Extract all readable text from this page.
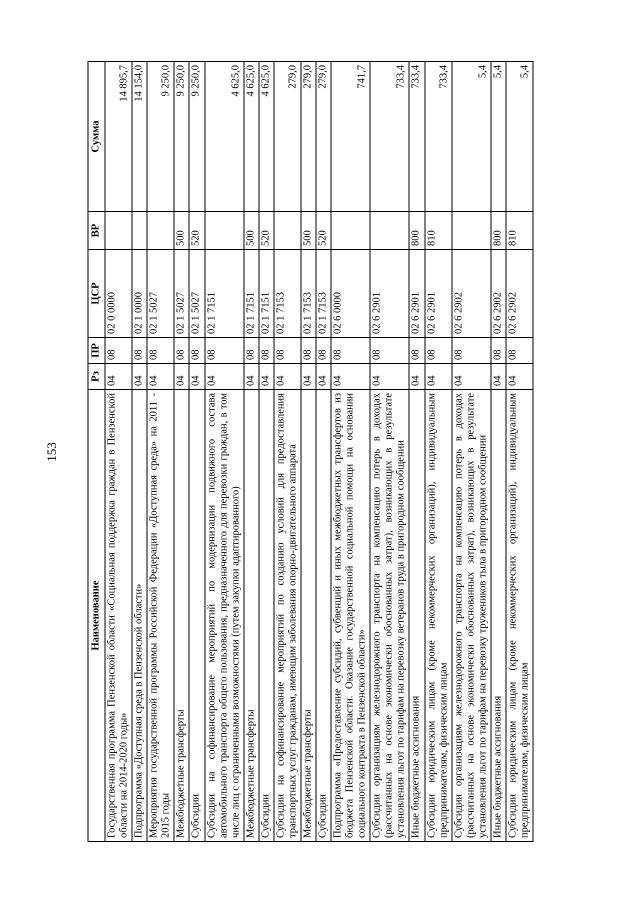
153
Наименование	Рз	ПР	ЦСР	ВР	Сумма
Государственная программа Пензенской области «Социальная поддержка граждан в Пензенской области на 2014-2020 годы»	04	08	02 0 0000		14 895,7
Подпрограмма «Доступная среда в Пензенской области»	04	08	02 1 0000		14 154,0
Мероприятия государственной программы Российской Федерации «Доступная среда» на 2011 - 2015 годы	04	08	02 1 5027		9 250,0
Межбюджетные трансферты	04	08	02 1 5027	500	9 250,0
Субсидии	04	08	02 1 5027	520	9 250,0
Субсидии на софинансирование мероприятий по модернизации подвижного состава автомобильного транспорта общего пользования, предназначенного для перевозки граждан, в том числе лиц с ограниченными возможностями (путем закупки адаптированного)	04	08	02 1 7151		4 625,0
Межбюджетные трансферты	04	08	02 1 7151	500	4 625,0
Субсидии	04	08	02 1 7151	520	4 625,0
Субсидии на софинансирование мероприятий по созданию условий для предоставления транспортных услуг гражданам, имеющим заболевания опорно-двигательного аппарата	04	08	02 1 7153		279,0
Межбюджетные трансферты	04	08	02 1 7153	500	279,0
Субсидии	04	08	02 1 7153	520	279,0
Подпрограмма «Предоставление субсидий, субвенций и иных межбюджетных трансфертов из бюджета Пензенской области. Оказание государственной социальной помощи на основании социального контракта в Пензенской области»	04	08	02 6 0000		741,7
Субсидии организациям железнодорожного транспорта на компенсацию потерь в доходах (рассчитанных на основе экономически обоснованных затрат), возникающих в результате установления льгот по тарифам на перевозку ветеранов труда в пригородном сообщении	04	08	02 6 2901		733,4
Иные бюджетные ассигнования	04	08	02 6 2901	800	733,4
Субсидии юридическим лицам (кроме некоммерческих организаций), индивидуальным предпринимателям, физическим лицам	04	08	02 6 2901	810	733,4
Субсидии организациям железнодорожного транспорта на компенсацию потерь в доходах (рассчитанных на основе экономически обоснованных затрат), возникающих в результате установления льгот по тарифам на перевозку тружеников тыла в пригородном сообщении	04	08	02 6 2902		5,4
Иные бюджетные ассигнования	04	08	02 6 2902	800	5,4
Субсидии юридическим лицам (кроме некоммерческих организаций), индивидуальным предпринимателям, физическим лицам	04	08	02 6 2902	810	5,4
